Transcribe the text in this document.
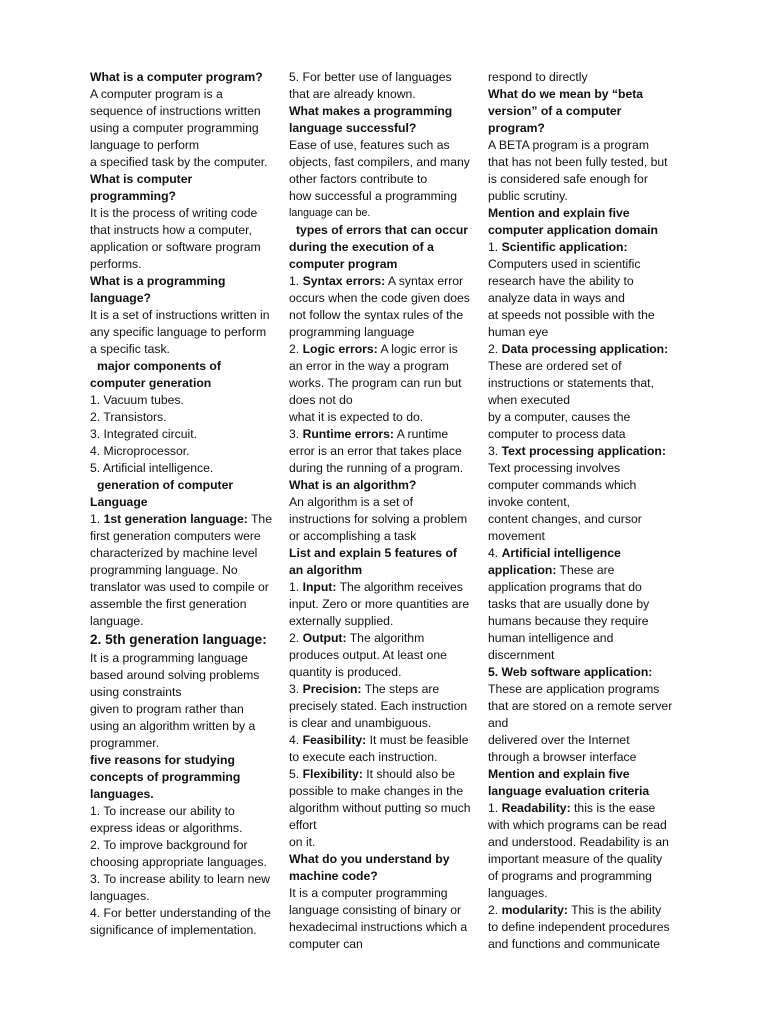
What is a computer program?
A computer program is a
sequence of instructions written
using a computer programming
language to perform
a specified task by the computer.
What is computer
programming?
It is the process of writing code
that instructs how a computer,
application or software program
performs.
What is a programming
language?
It is a set of instructions written in
any specific language to perform
a specific task.
major components of
computer generation
1. Vacuum tubes.
2. Transistors.
3. Integrated circuit.
4. Microprocessor.
5. Artificial intelligence.
generation of computer
Language
1. 1st generation language: The
first generation computers were
characterized by machine level
programming language. No
translator was used to compile or
assemble the first generation
language.
2. 5th generation language:
It is a programming language
based around solving problems
using constraints
given to program rather than
using an algorithm written by a
programmer.
five reasons for studying
concepts of programming
languages.
1. To increase our ability to
express ideas or algorithms.
2. To improve background for
choosing appropriate languages.
3. To increase ability to learn new
languages.
4. For better understanding of the
significance of implementation.
5. For better use of languages
that are already known.
What makes a programming
language successful?
Ease of use, features such as
objects, fast compilers, and many
other factors contribute to
how successful a programming
language can be.
types of errors that can occur
during the execution of a
computer program
1. Syntax errors: A syntax error
occurs when the code given does
not follow the syntax rules of the
programming language
2. Logic errors: A logic error is
an error in the way a program
works. The program can run but
does not do
what it is expected to do.
3. Runtime errors: A runtime
error is an error that takes place
during the running of a program.
What is an algorithm?
An algorithm is a set of
instructions for solving a problem
or accomplishing a task
List and explain 5 features of
an algorithm
1. Input: The algorithm receives
input. Zero or more quantities are
externally supplied.
2. Output: The algorithm
produces output. At least one
quantity is produced.
3. Precision: The steps are
precisely stated. Each instruction
is clear and unambiguous.
4. Feasibility: It must be feasible
to execute each instruction.
5. Flexibility: It should also be
possible to make changes in the
algorithm without putting so much
effort
on it.
What do you understand by
machine code?
It is a computer programming
language consisting of binary or
hexadecimal instructions which a
computer can
respond to directly
What do we mean by “beta
version” of a computer
program?
A BETA program is a program
that has not been fully tested, but
is considered safe enough for
public scrutiny.
Mention and explain five
computer application domain
1. Scientific application:
Computers used in scientific
research have the ability to
analyze data in ways and
at speeds not possible with the
human eye
2. Data processing application:
These are ordered set of
instructions or statements that,
when executed
by a computer, causes the
computer to process data
3. Text processing application:
Text processing involves
computer commands which
invoke content,
content changes, and cursor
movement
4. Artificial intelligence
application: These are
application programs that do
tasks that are usually done by
humans because they require
human intelligence and
discernment
5. Web software application:
These are application programs
that are stored on a remote server
and
delivered over the Internet
through a browser interface
Mention and explain five
language evaluation criteria
1. Readability: this is the ease
with which programs can be read
and understood. Readability is an
important measure of the quality
of programs and programming
languages.
2. modularity: This is the ability
to define independent procedures
and functions and communicate
